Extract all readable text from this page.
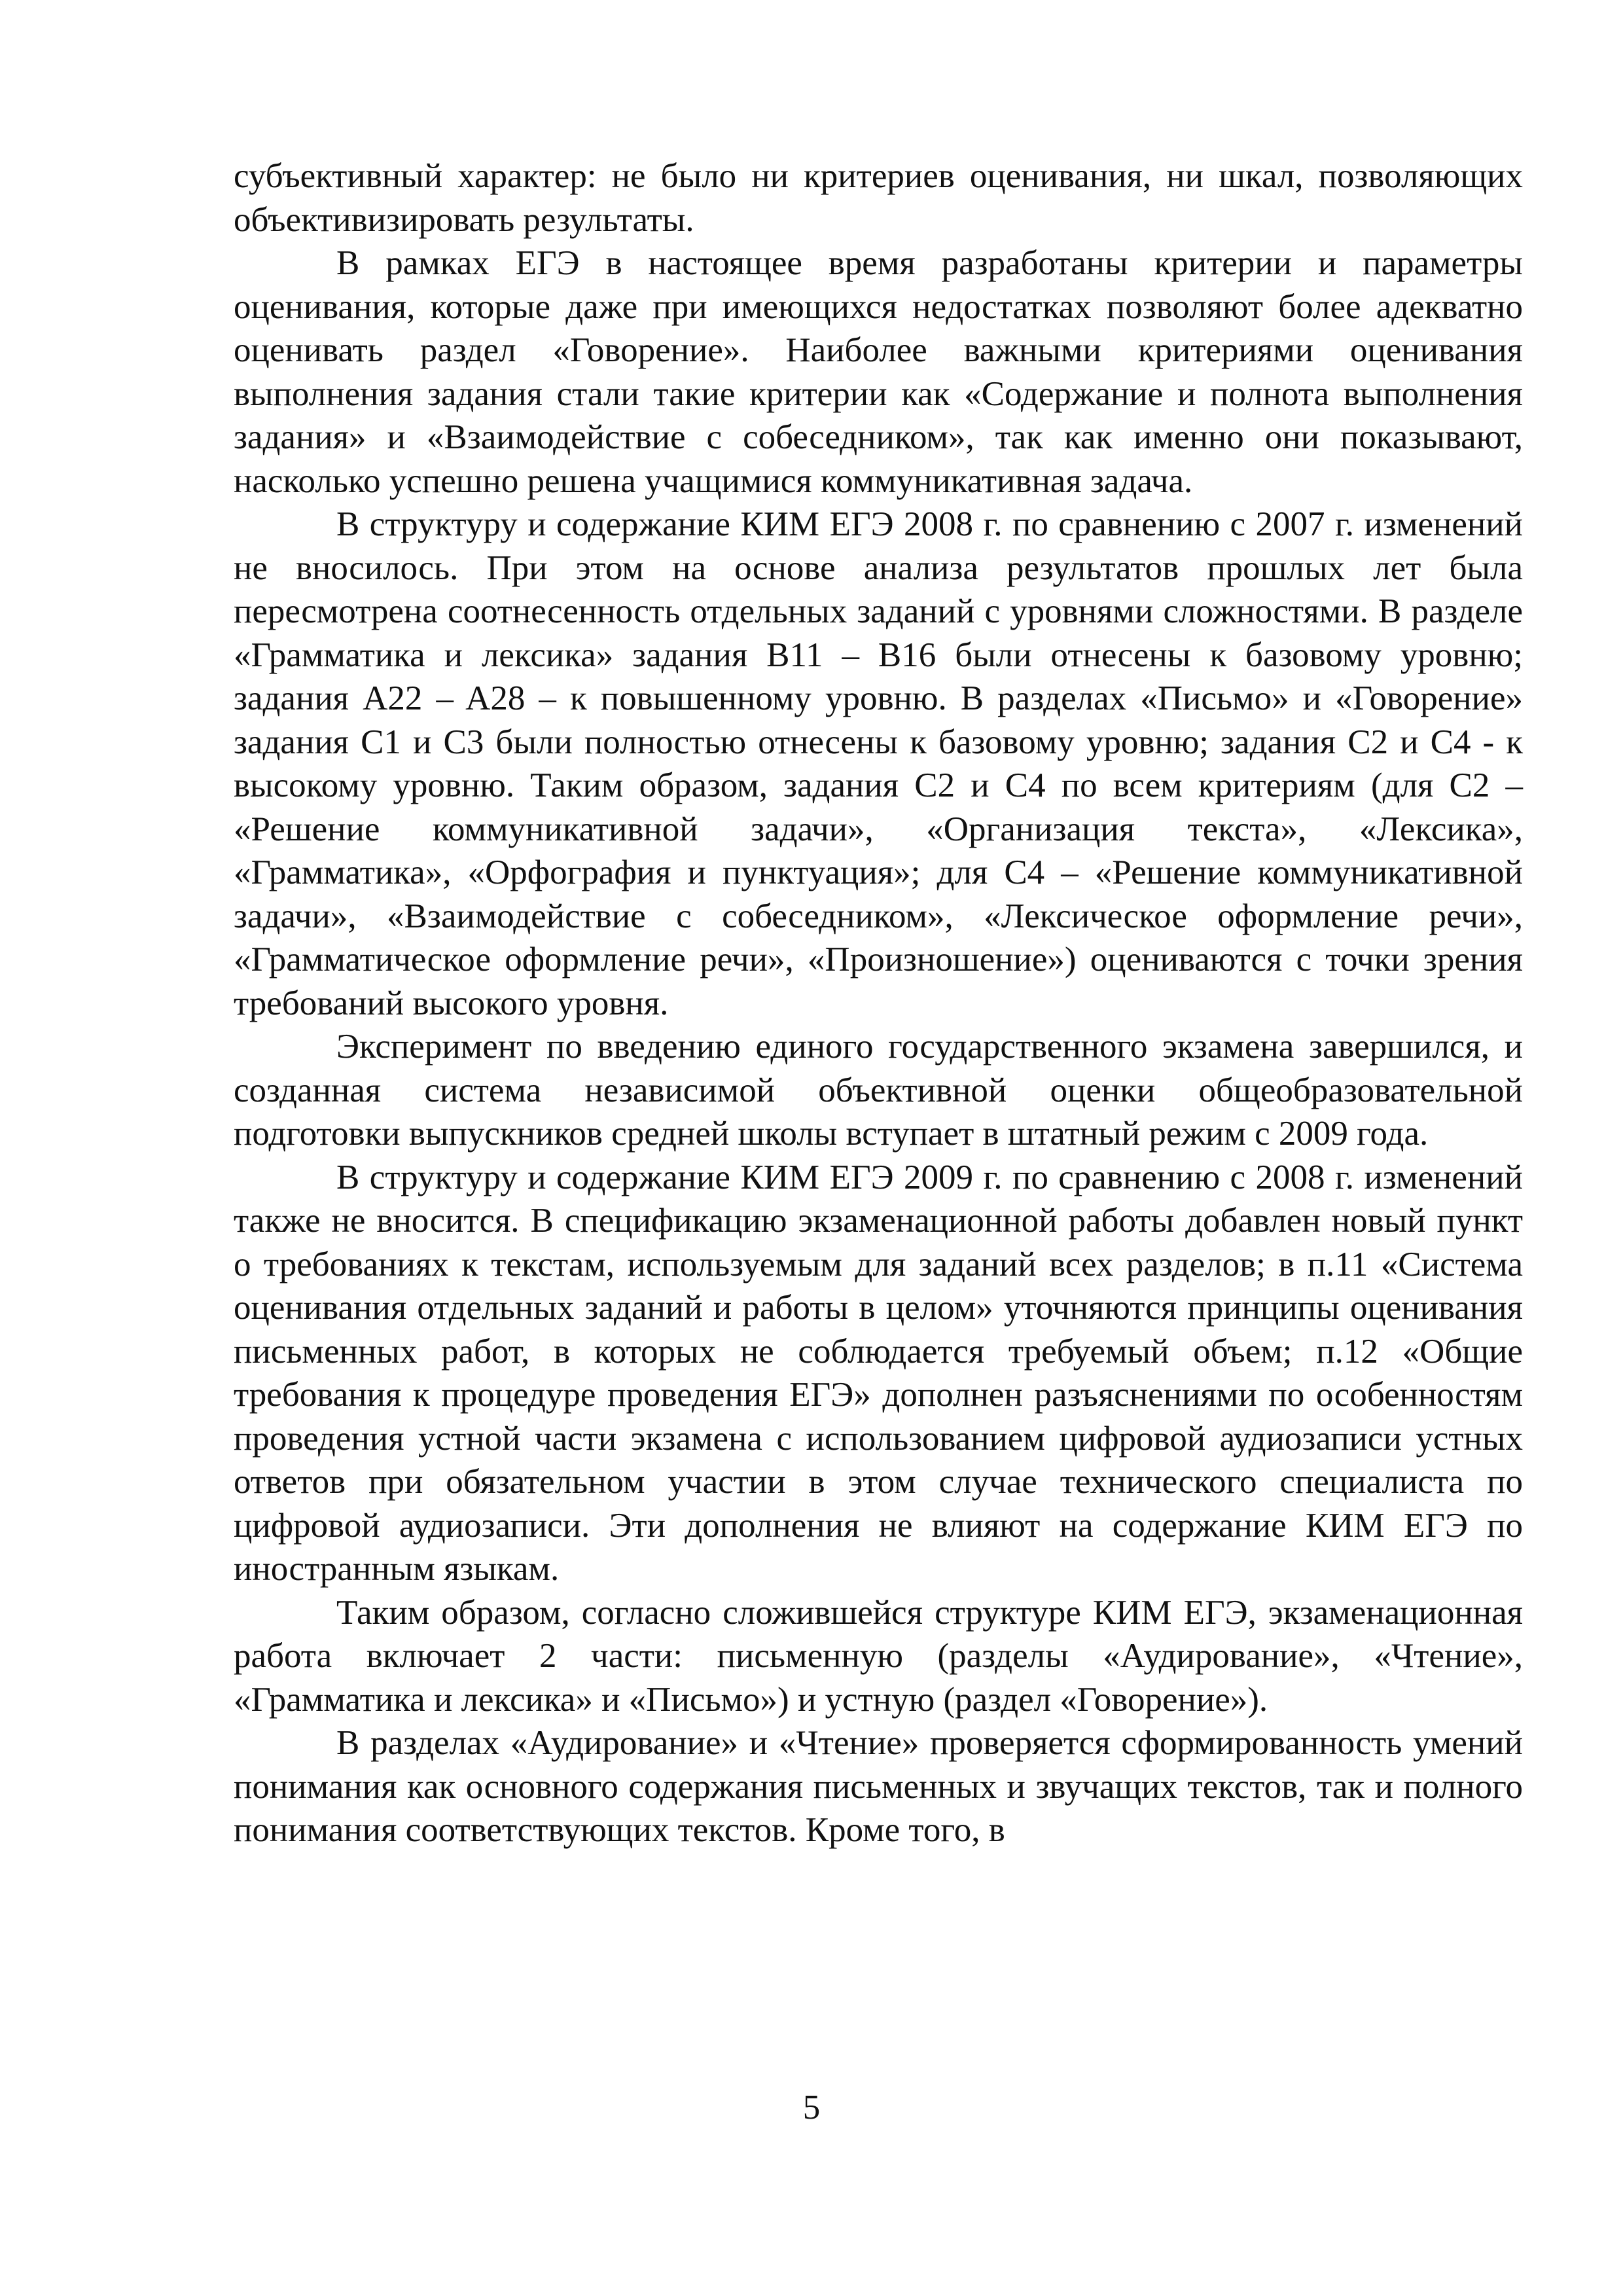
субъективный характер: не было ни критериев оценивания, ни шкал, позволяющих объективизировать результаты.

В рамках ЕГЭ в настоящее время разработаны критерии и параметры оценивания, которые даже при имеющихся недостатках позволяют более адекватно оценивать раздел «Говорение». Наиболее важными критериями оценивания выполнения задания стали такие критерии как «Содержание и полнота выполнения задания» и «Взаимодействие с собеседником», так как именно они показывают, насколько успешно решена учащимися коммуникативная задача.

В структуру и содержание КИМ ЕГЭ 2008 г. по сравнению с 2007 г. изменений не вносилось. При этом на основе анализа результатов прошлых лет была пересмотрена соотнесенность отдельных заданий с уровнями сложностями. В разделе «Грамматика и лексика» задания B11 – B16 были отнесены к базовому уровню; задания A22 – A28 – к повышенному уровню. В разделах «Письмо» и «Говорение» задания C1 и C3 были полностью отнесены к базовому уровню; задания C2 и C4 - к высокому уровню. Таким образом, задания C2 и C4 по всем критериям (для C2 – «Решение коммуникативной задачи», «Организация текста», «Лексика», «Грамматика», «Орфография и пунктуация»; для C4 – «Решение коммуникативной задачи», «Взаимодействие с собеседником», «Лексическое оформление речи», «Грамматическое оформление речи», «Произношение») оцениваются с точки зрения требований высокого уровня.

Эксперимент по введению единого государственного экзамена завершился, и созданная система независимой объективной оценки общеобразовательной подготовки выпускников средней школы вступает в штатный режим с 2009 года.

В структуру и содержание КИМ ЕГЭ 2009 г. по сравнению с 2008 г. изменений также не вносится. В спецификацию экзаменационной работы добавлен новый пункт о требованиях к текстам, используемым для заданий всех разделов; в п.11 «Система оценивания отдельных заданий и работы в целом» уточняются принципы оценивания письменных работ, в которых не соблюдается требуемый объем; п.12 «Общие требования к процедуре проведения ЕГЭ» дополнен разъяснениями по особенностям проведения устной части экзамена с использованием цифровой аудиозаписи устных ответов при обязательном участии в этом случае технического специалиста по цифровой аудиозаписи. Эти дополнения не влияют на содержание КИМ ЕГЭ по иностранным языкам.

Таким образом, согласно сложившейся структуре КИМ ЕГЭ, экзаменационная работа включает 2 части: письменную (разделы «Аудирование», «Чтение», «Грамматика и лексика» и «Письмо») и устную (раздел «Говорение»).

В разделах «Аудирование» и «Чтение» проверяется сформированность умений понимания как основного содержания письменных и звучащих текстов, так и полного понимания соответствующих текстов. Кроме того, в

5
